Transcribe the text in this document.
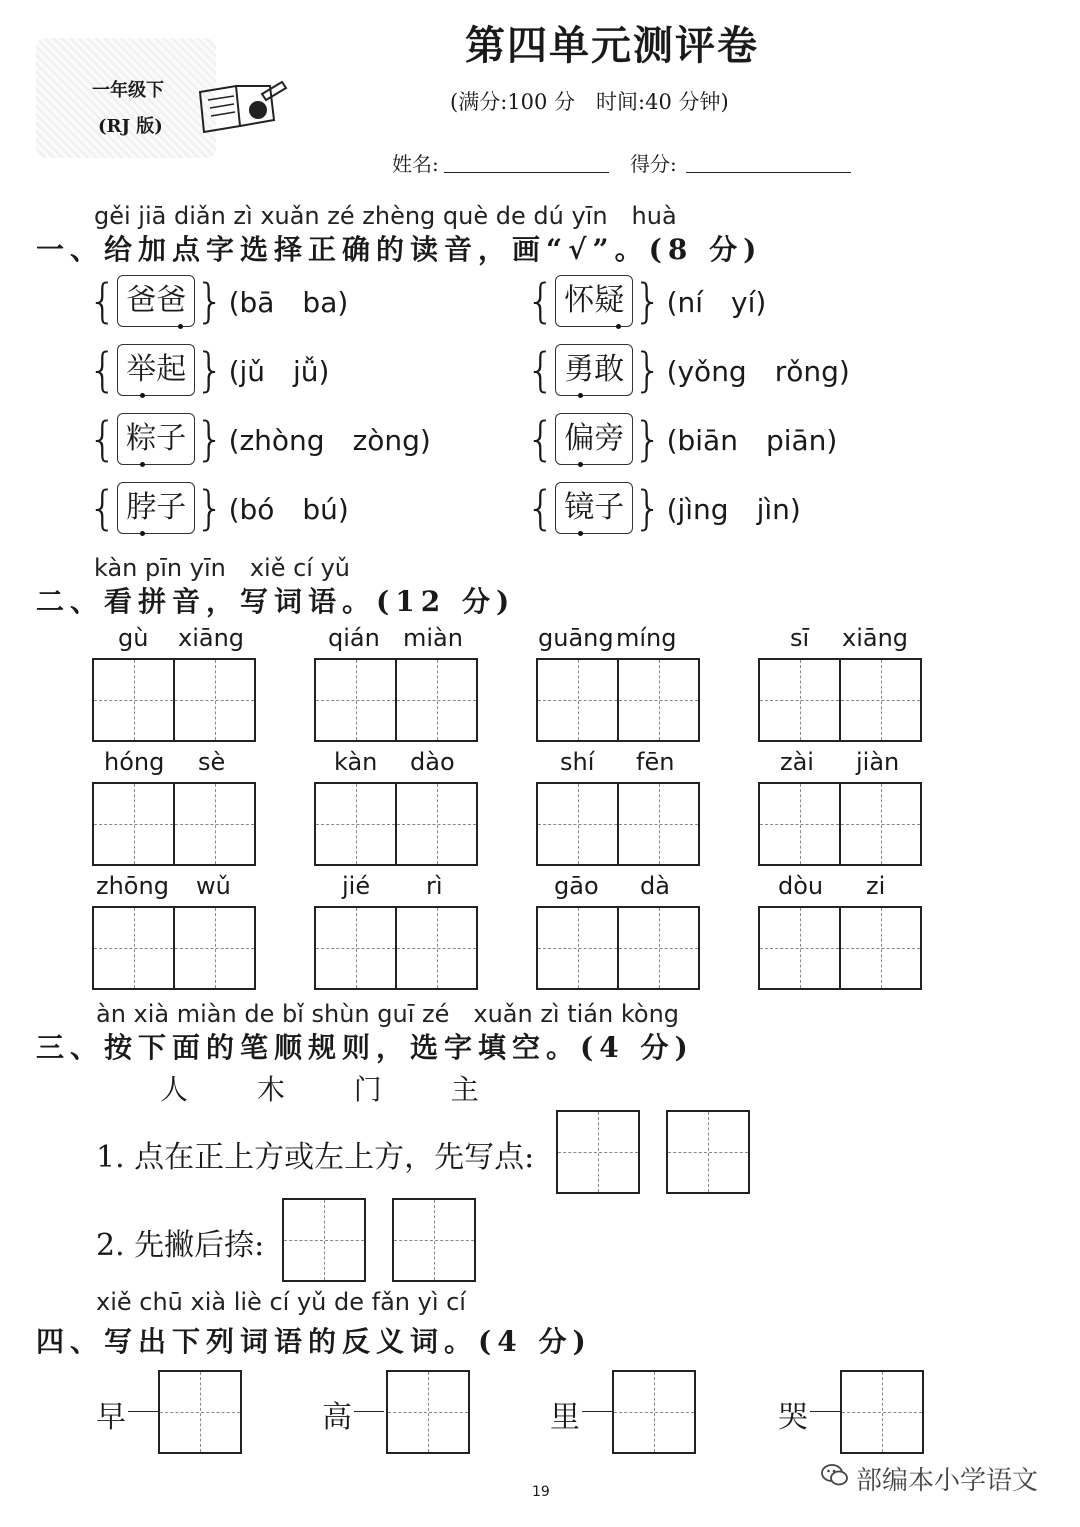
一年级下
(RJ 版)
第四单元测评卷
(满分:100 分　时间:40 分钟)
姓名:	得分:
gěi jiā diǎn zì xuǎn zé zhèng què de dú yīn　huà
一、给加点字选择正确的读音，画“√”。(8 分)
{ 爸爸 } (bā　ba)	{ 怀疑 } (ní　yí)
{ 举起 } (jǔ　jǚ)	{ 勇敢 } (yǒng　rǒng)
{ 粽子 } (zhòng　zòng) { 偏旁 } (biān　piān)
{ 脖子 } (bó　bú)	{ 镜子 } (jìng　jìn)
kàn pīn yīn　xiě cí yǔ
二、看拼音，写词语。(12 分)
gù xiāng	qián miàn	guāng míng	sī xiāng
hóng sè	kàn dào	shí fēn	zài jiàn
zhōng wǔ	jié rì	gāo dà	dòu zi
àn xià miàn de bǐ shùn guī zé　xuǎn zì tián kòng
三、按下面的笔顺规则，选字填空。(4 分)
人 木 门 主
1. 点在正上方或左上方，先写点:
2. 先撇后捺:
xiě chū xià liè cí yǔ de fǎn yì cí
四、写出下列词语的反义词。(4 分)
早	高	里	哭
19	部编本小学语文
